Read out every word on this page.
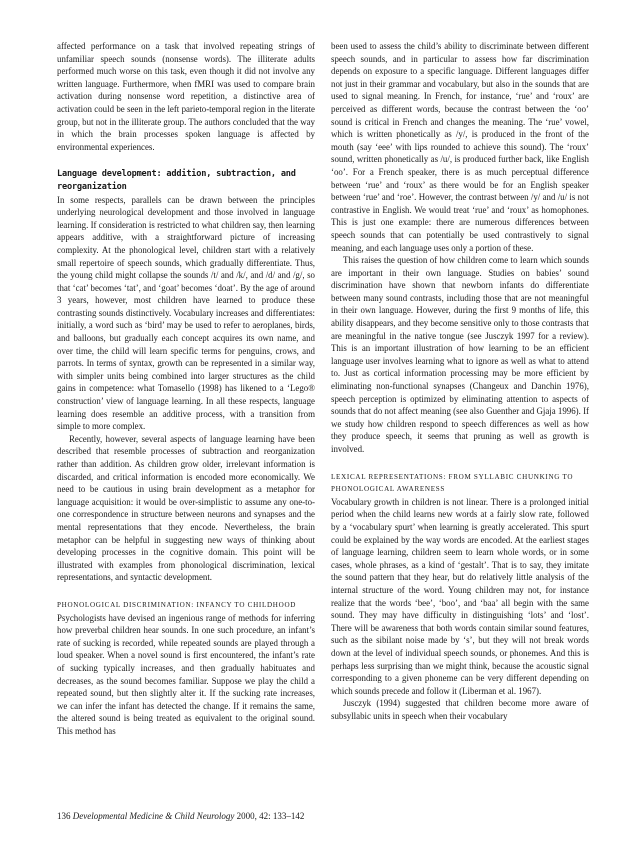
affected performance on a task that involved repeating strings of unfamiliar speech sounds (nonsense words). The illiterate adults performed much worse on this task, even though it did not involve any written language. Furthermore, when fMRI was used to compare brain activation during nonsense word repetition, a distinctive area of activation could be seen in the left parieto-temporal region in the literate group, but not in the illiterate group. The authors concluded that the way in which the brain processes spoken language is affected by environmental experiences.

Language development: addition, subtraction, and reorganization

In some respects, parallels can be drawn between the principles underlying neurological development and those involved in language learning. If consideration is restricted to what children say, then learning appears additive, with a straightforward picture of increasing complexity. At the phonological level, children start with a relatively small repertoire of speech sounds, which gradually differentiate. Thus, the young child might collapse the sounds /t/ and /k/, and /d/ and /g/, so that ‘cat’ becomes ‘tat’, and ‘goat’ becomes ‘doat’. By the age of around 3 years, however, most children have learned to produce these contrasting sounds distinctively. Vocabulary increases and differentiates: initially, a word such as ‘bird’ may be used to refer to aeroplanes, birds, and balloons, but gradually each concept acquires its own name, and over time, the child will learn specific terms for penguins, crows, and parrots. In terms of syntax, growth can be represented in a similar way, with simpler units being combined into larger structures as the child gains in competence: what Tomasello (1998) has likened to a ‘Lego® construction’ view of language learning. In all these respects, language learning does resemble an additive process, with a transition from simple to more complex.

Recently, however, several aspects of language learning have been described that resemble processes of subtraction and reorganization rather than addition. As children grow older, irrelevant information is discarded, and critical information is encoded more economically. We need to be cautious in using brain development as a metaphor for language acquisition: it would be over-simplistic to assume any one-to-one correspondence in structure between neurons and synapses and the mental representations that they encode. Nevertheless, the brain metaphor can be helpful in suggesting new ways of thinking about developing processes in the cognitive domain. This point will be illustrated with examples from phonological discrimination, lexical representations, and syntactic development.

PHONOLOGICAL DISCRIMINATION: INFANCY TO CHILDHOOD

Psychologists have devised an ingenious range of methods for inferring how preverbal children hear sounds. In one such procedure, an infant’s rate of sucking is recorded, while repeated sounds are played through a loud speaker. When a novel sound is first encountered, the infant’s rate of sucking typically increases, and then gradually habituates and decreases, as the sound becomes familiar. Suppose we play the child a repeated sound, but then slightly alter it. If the sucking rate increases, we can infer the infant has detected the change. If it remains the same, the altered sound is being treated as equivalent to the original sound. This method has

been used to assess the child’s ability to discriminate between different speech sounds, and in particular to assess how far discrimination depends on exposure to a specific language. Different languages differ not just in their grammar and vocabulary, but also in the sounds that are used to signal meaning. In French, for instance, ‘rue’ and ‘roux’ are perceived as different words, because the contrast between the ‘oo’ sound is critical in French and changes the meaning. The ‘rue’ vowel, which is written phonetically as /y/, is produced in the front of the mouth (say ‘eee’ with lips rounded to achieve this sound). The ‘roux’ sound, written phonetically as /u/, is produced further back, like English ‘oo’. For a French speaker, there is as much perceptual difference between ‘rue’ and ‘roux’ as there would be for an English speaker between ‘rue’ and ‘roe’. However, the contrast between /y/ and /u/ is not contrastive in English. We would treat ‘rue’ and ‘roux’ as homophones. This is just one example: there are numerous differences between speech sounds that can potentially be used contrastively to signal meaning, and each language uses only a portion of these.

This raises the question of how children come to learn which sounds are important in their own language. Studies on babies’ sound discrimination have shown that newborn infants do differentiate between many sound contrasts, including those that are not meaningful in their own language. However, during the first 9 months of life, this ability disappears, and they become sensitive only to those contrasts that are meaningful in the native tongue (see Jusczyk 1997 for a review). This is an important illustration of how learning to be an efficient language user involves learning what to ignore as well as what to attend to. Just as cortical information processing may be more efficient by eliminating non-functional synapses (Changeux and Danchin 1976), speech perception is optimized by eliminating attention to aspects of sounds that do not affect meaning (see also Guenther and Gjaja 1996). If we study how children respond to speech differences as well as how they produce speech, it seems that pruning as well as growth is involved.

LEXICAL REPRESENTATIONS: FROM SYLLABIC CHUNKING TO PHONOLOGICAL AWARENESS

Vocabulary growth in children is not linear. There is a prolonged initial period when the child learns new words at a fairly slow rate, followed by a ‘vocabulary spurt’ when learning is greatly accelerated. This spurt could be explained by the way words are encoded. At the earliest stages of language learning, children seem to learn whole words, or in some cases, whole phrases, as a kind of ‘gestalt’. That is to say, they imitate the sound pattern that they hear, but do relatively little analysis of the internal structure of the word. Young children may not, for instance realize that the words ‘bee’, ‘boo’, and ‘baa’ all begin with the same sound. They may have difficulty in distinguishing ‘lots’ and ‘lost’. There will be awareness that both words contain similar sound features, such as the sibilant noise made by ‘s’, but they will not break words down at the level of individual speech sounds, or phonemes. And this is perhaps less surprising than we might think, because the acoustic signal corresponding to a given phoneme can be very different depending on which sounds precede and follow it (Liberman et al. 1967).

Jusczyk (1994) suggested that children become more aware of subsyllabic units in speech when their vocabulary

136 Developmental Medicine & Child Neurology 2000, 42: 133–142
